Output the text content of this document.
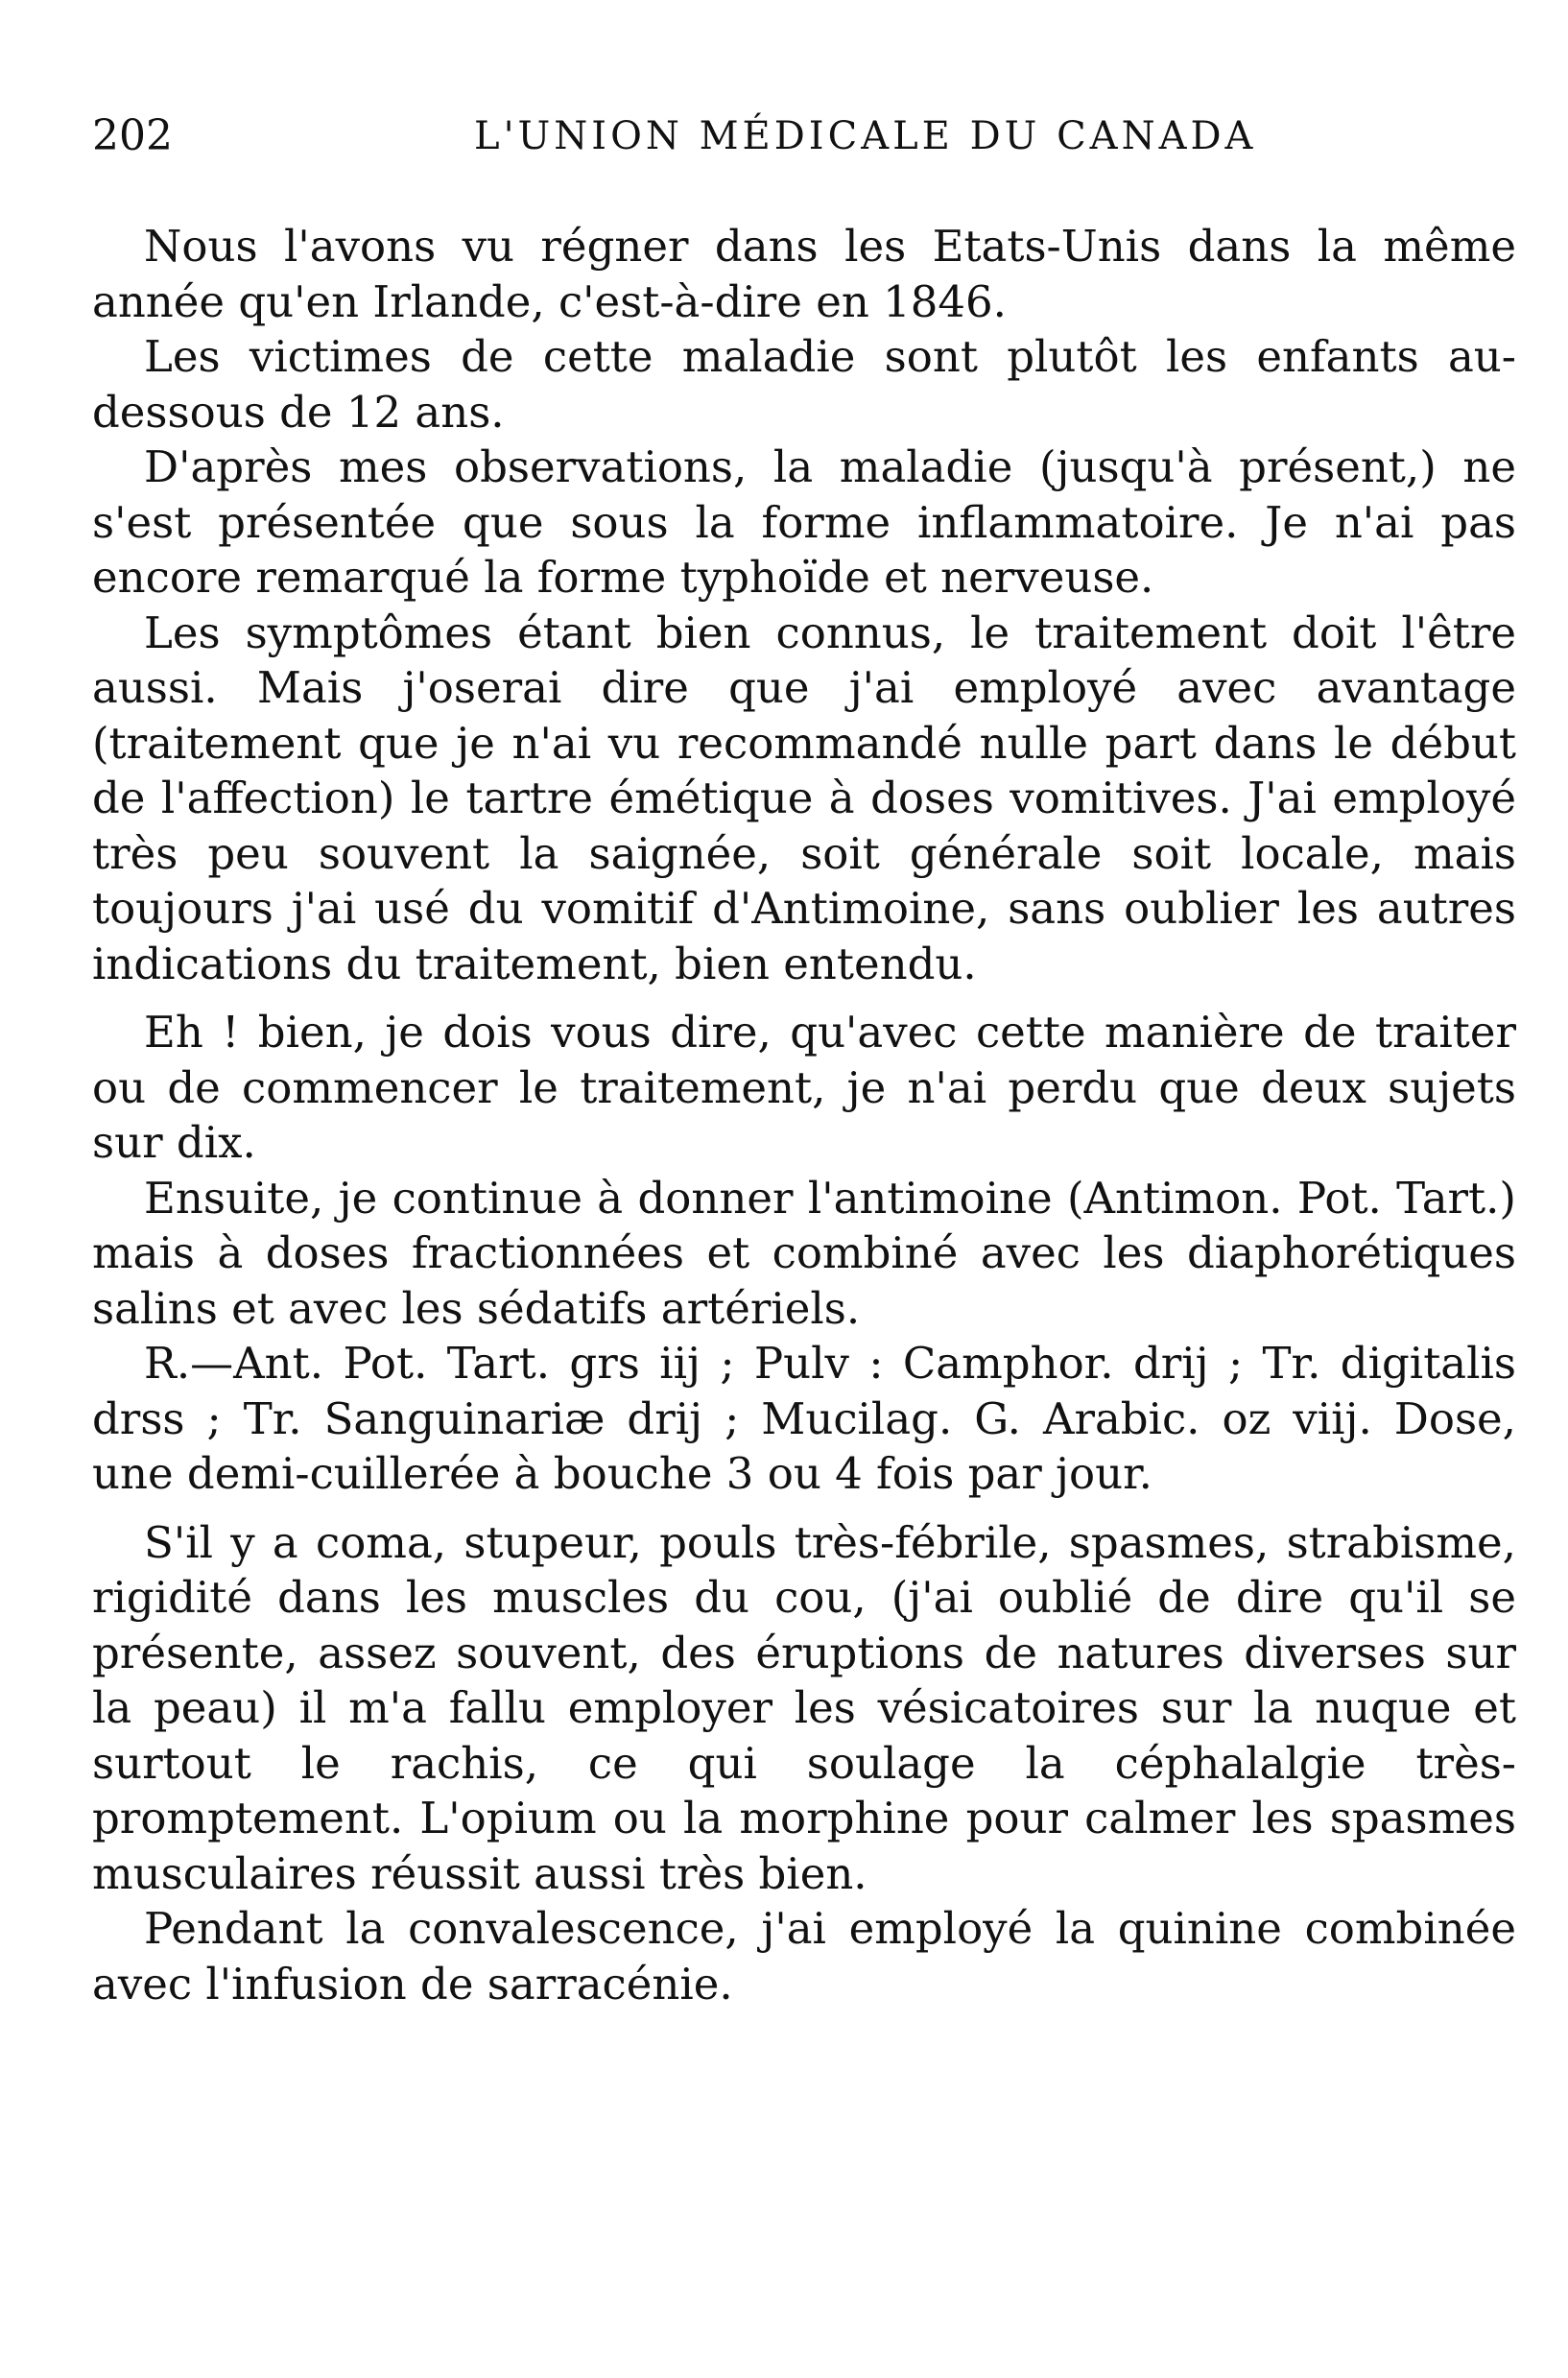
202	L'UNION MÉDICALE DU CANADA

Nous l'avons vu régner dans les Etats-Unis dans la même année qu'en Irlande, c'est-à-dire en 1846.

Les victimes de cette maladie sont plutôt les enfants au-dessous de 12 ans.

D'après mes observations, la maladie (jusqu'à présent,) ne s'est présentée que sous la forme inflammatoire. Je n'ai pas encore remarqué la forme typhoïde et nerveuse.

Les symptômes étant bien connus, le traitement doit l'être aussi. Mais j'oserai dire que j'ai employé avec avantage (traitement que je n'ai vu recommandé nulle part dans le début de l'affection) le tartre émétique à doses vomitives. J'ai employé très peu souvent la saignée, soit générale soit locale, mais toujours j'ai usé du vomitif d'Antimoine, sans oublier les autres indications du traitement, bien entendu.

Eh ! bien, je dois vous dire, qu'avec cette manière de traiter ou de commencer le traitement, je n'ai perdu que deux sujets sur dix.

Ensuite, je continue à donner l'antimoine (Antimon. Pot. Tart.) mais à doses fractionnées et combiné avec les diaphorétiques salins et avec les sédatifs artériels.

R.—Ant. Pot. Tart. grs iij ; Pulv : Camphor. drij ; Tr. digitalis drss ; Tr. Sanguinariæ drij ; Mucilag. G. Arabic. oz viij. Dose, une demi-cuillerée à bouche 3 ou 4 fois par jour.

S'il y a coma, stupeur, pouls très-fébrile, spasmes, strabisme, rigidité dans les muscles du cou, (j'ai oublié de dire qu'il se présente, assez souvent, des éruptions de natures diverses sur la peau) il m'a fallu employer les vésicatoires sur la nuque et surtout le rachis, ce qui soulage la céphalalgie très-promptement. L'opium ou la morphine pour calmer les spasmes musculaires réussit aussi très bien.

Pendant la convalescence, j'ai employé la quinine combinée avec l'infusion de sarracénie.
